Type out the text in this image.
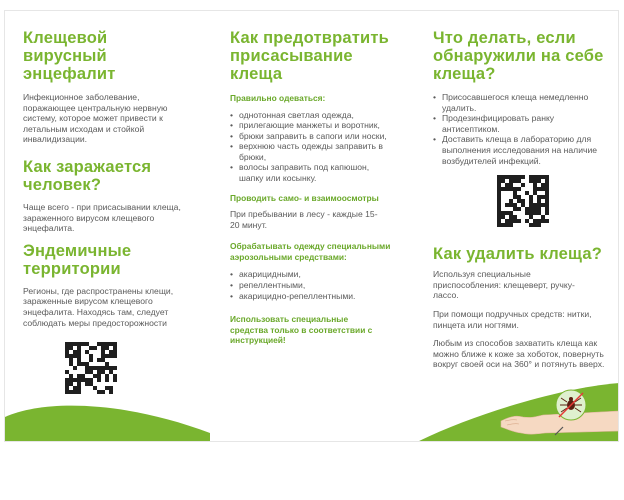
Клещевой вирусный энцефалит

Инфекционное заболевание, поражающее центральную нервную систему, которое может привести к летальным исходам и стойкой инвалидизации.

Как заражается человек?

Чаще всего - при присасывании клеща, зараженного вирусом клещевого энцефалита.

Эндемичные территории

Регионы, где распространены клещи, зараженные вирусом клещевого энцефалита. Находясь там, следует соблюдать меры предосторожности

Как предотвратить присасывание клеща
Правильно одеваться:
• однотонная светлая одежда,
• прилегающие манжеты и воротник,
• брюки заправить в сапоги или носки,
• верхнюю часть одежды заправить в брюки,
• волосы заправить под капюшон, шапку или косынку.
Проводить само- и взаимоосмотры

При пребывании в лесу - каждые 15-20 минут.

Обрабатывать одежду специальными аэрозольными средствами:
• акарицидными,
• репеллентными,
• акарицидно-репеллентными.
Использовать специальные средства только в соответствии с инструкцией!
Что делать, если обнаружили на себе клеща?
• Присосавшегося клеща немедленно удалить.
• Продезинфицировать ранку антисептиком.
• Доставить клеща в лабораторию для выполнения исследования на наличие возбудителей инфекций.
Как удалить клеща?

Используя специальные приспособления: клещеверт, ручку-лассо.

При помощи подручных средств: нитки, пинцета или ногтями.

Любым из способов захватить клеща как можно ближе к коже за хоботок, повернуть вокруг своей оси на 360° и потянуть вверх.
